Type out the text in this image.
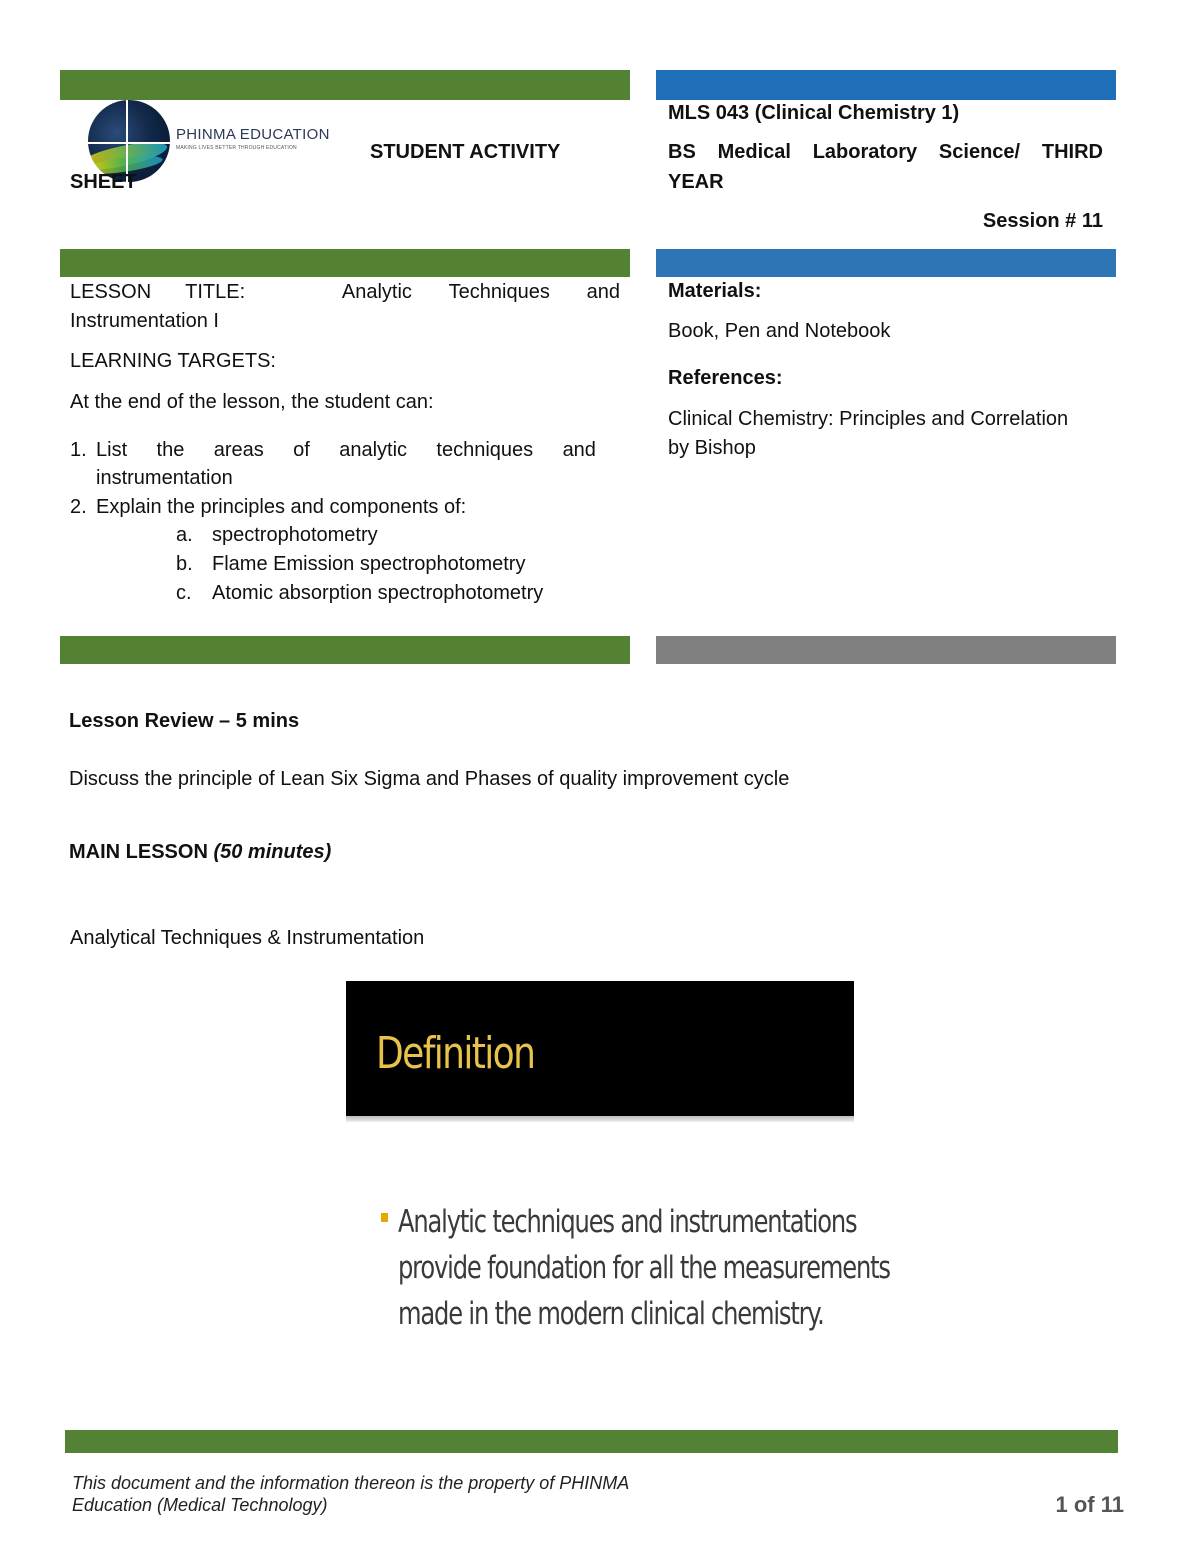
PHINMA EDUCATION
MAKING LIVES BETTER THROUGH EDUCATION	STUDENT ACTIVITY
SHEET
MLS 043 (Clinical Chemistry 1)
BS Medical Laboratory Science/ THIRD
YEAR
Session # 11
LESSON TITLE:	Analytic Techniques and
Instrumentation I
LEARNING TARGETS:
At the end of the lesson, the student can:
1. List the areas of analytic techniques and
instrumentation
2. Explain the principles and components of:
a. spectrophotometry
b. Flame Emission spectrophotometry
c. Atomic absorption spectrophotometry
Materials:
Book, Pen and Notebook
References:
Clinical Chemistry: Principles and Correlation
by Bishop
Lesson Review – 5 mins
Discuss the principle of Lean Six Sigma and Phases of quality improvement cycle
MAIN LESSON (50 minutes)
Analytical Techniques & Instrumentation
Definition
Analytic techniques and instrumentations
provide foundation for all the measurements
made in the modern clinical chemistry.
This document and the information thereon is the property of PHINMA
Education (Medical Technology)	1 of 11
